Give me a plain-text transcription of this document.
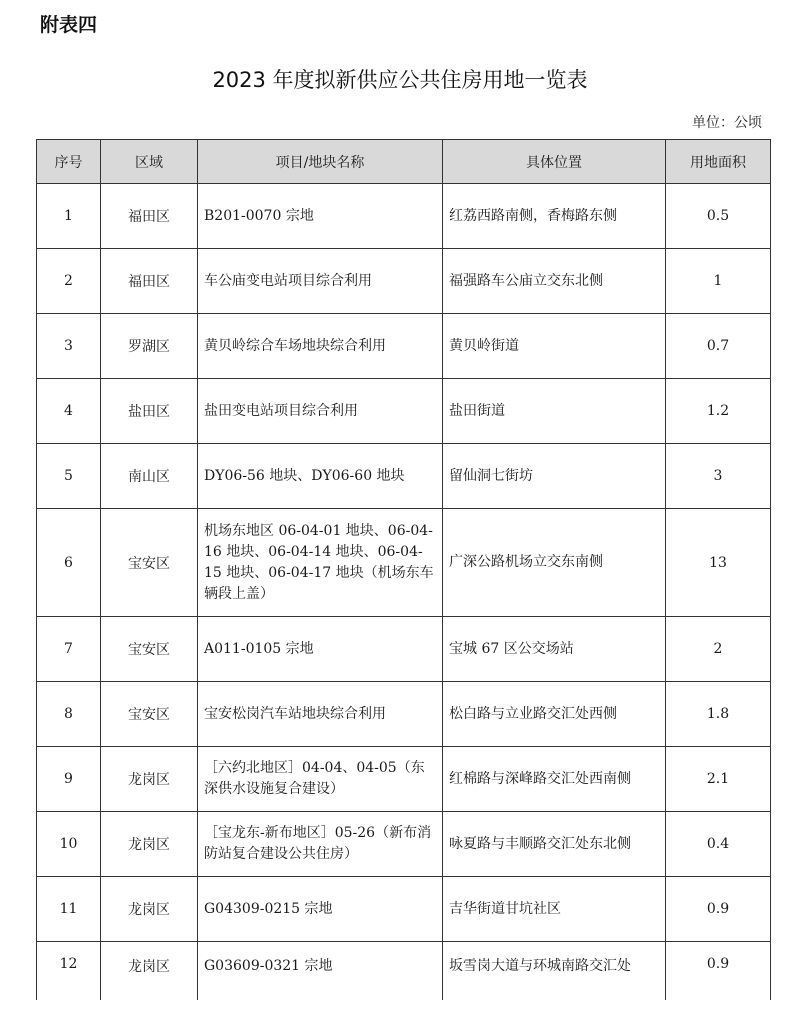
附表四
2023 年度拟新供应公共住房用地一览表
单位：公顷
序号	区域	项目/地块名称	具体位置	用地面积
1	福田区	B201-0070 宗地	红荔西路南侧，香梅路东侧	0.5
2	福田区	车公庙变电站项目综合利用	福强路车公庙立交东北侧	1
3	罗湖区	黄贝岭综合车场地块综合利用	黄贝岭街道	0.7
4	盐田区	盐田变电站项目综合利用	盐田街道	1.2
5	南山区	DY06-56 地块、DY06-60 地块	留仙洞七街坊	3
6	宝安区	机场东地区 06-04-01 地块、06-04-16 地块、06-04-14 地块、06-04-15 地块、06-04-17 地块（机场东车辆段上盖）	广深公路机场立交东南侧	13
7	宝安区	A011-0105 宗地	宝城 67 区公交场站	2
8	宝安区	宝安松岗汽车站地块综合利用	松白路与立业路交汇处西侧	1.8
9	龙岗区	［六约北地区］04-04、04-05（东深供水设施复合建设）	红棉路与深峰路交汇处西南侧	2.1
10	龙岗区	［宝龙东-新布地区］05-26（新布消防站复合建设公共住房）	咏夏路与丰顺路交汇处东北侧	0.4
11	龙岗区	G04309-0215 宗地	吉华街道甘坑社区	0.9
12	龙岗区	G03609-0321 宗地	坂雪岗大道与环城南路交汇处	0.9
